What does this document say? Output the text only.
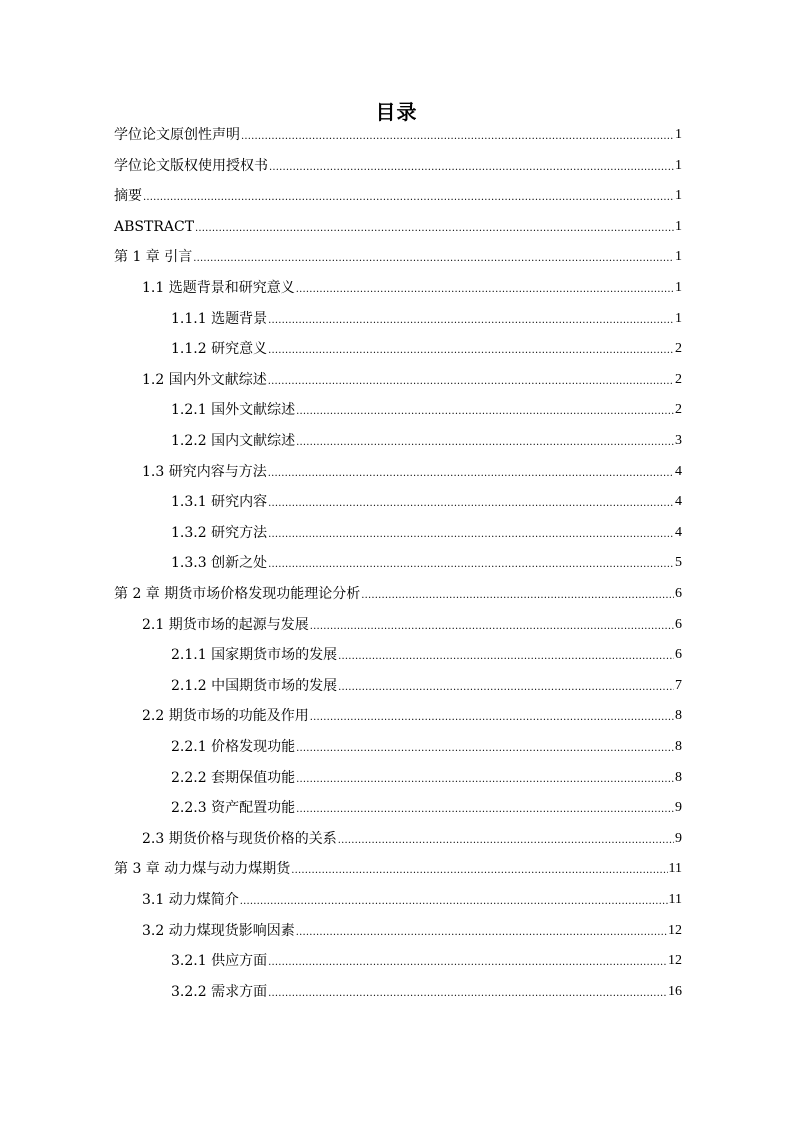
目录
学位论文原创性声明 .....	1
学位论文版权使用授权书 .....	1
摘要 .....	1
ABSTRACT .....	1
第 1 章 引言 .....	1
1.1 选题背景和研究意义 .....	1
1.1.1 选题背景 .....	1
1.1.2 研究意义 .....	2
1.2 国内外文献综述 .....	2
1.2.1 国外文献综述 .....	2
1.2.2 国内文献综述 .....	3
1.3 研究内容与方法 .....	4
1.3.1 研究内容 .....	4
1.3.2 研究方法 .....	4
1.3.3 创新之处 .....	5
第 2 章 期货市场价格发现功能理论分析 .....	6
2.1 期货市场的起源与发展 .....	6
2.1.1 国家期货市场的发展 .....	6
2.1.2 中国期货市场的发展 .....	7
2.2 期货市场的功能及作用 .....	8
2.2.1 价格发现功能 .....	8
2.2.2 套期保值功能 .....	8
2.2.3 资产配置功能 .....	9
2.3 期货价格与现货价格的关系 .....	9
第 3 章 动力煤与动力煤期货 .....	11
3.1 动力煤简介 .....	11
3.2 动力煤现货影响因素 .....	12
3.2.1 供应方面 .....	12
3.2.2 需求方面 .....	16
